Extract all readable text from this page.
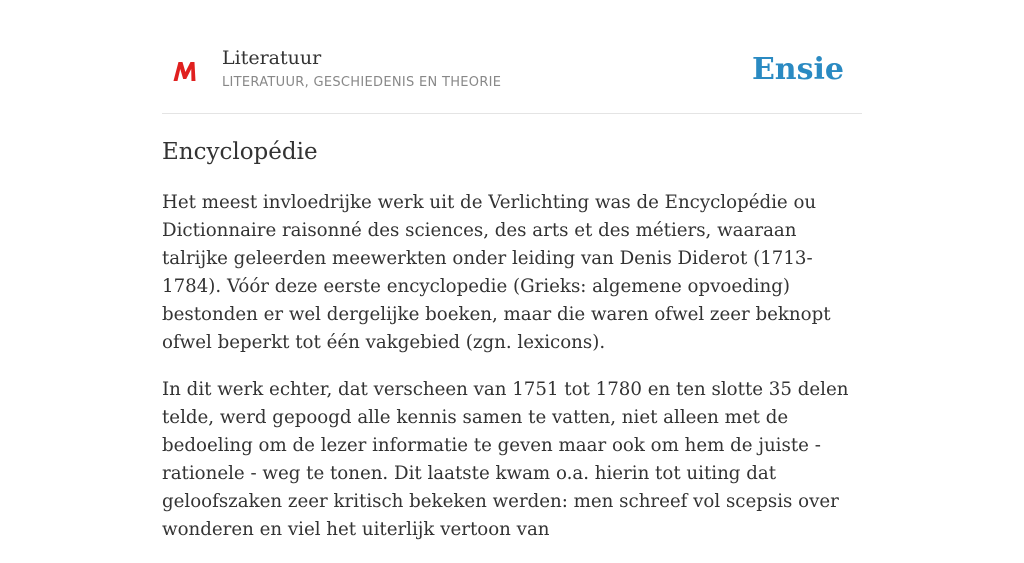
Literatuur
LITERATUUR, GESCHIEDENIS EN THEORIE	Ensie
Encyclopédie

Het meest invloedrijke werk uit de Verlichting was de Encyclopédie ou Dictionnaire raisonné des sciences, des arts et des métiers, waaraan talrijke geleerden meewerkten onder leiding van Denis Diderot (1713-1784). Vóór deze eerste encyclopedie (Grieks: algemene opvoeding) bestonden er wel dergelijke boeken, maar die waren ofwel zeer beknopt ofwel beperkt tot één vakgebied (zgn. lexicons).

In dit werk echter, dat verscheen van 1751 tot 1780 en ten slotte 35 delen telde, werd gepoogd alle kennis samen te vatten, niet alleen met de bedoeling om de lezer informatie te geven maar ook om hem de juiste - rationele - weg te tonen. Dit laatste kwam o.a. hierin tot uiting dat geloofszaken zeer kritisch bekeken werden: men schreef vol scepsis over wonderen en viel het uiterlijk vertoon van
